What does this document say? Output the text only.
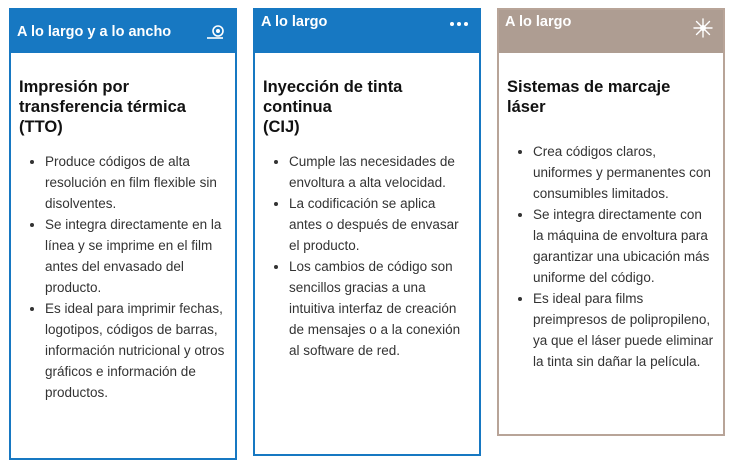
A lo largo y a lo ancho
Impresión por
transferencia térmica
(TTO)
• Produce códigos de alta resolución en film flexible sin disolventes.
• Se integra directamente en la línea y se imprime en el film antes del envasado del producto.
• Es ideal para imprimir fechas, logotipos, códigos de barras, información nutricional y otros gráficos e información de productos.
A lo largo
Inyección de tinta
continua
(CIJ)
• Cumple las necesidades de envoltura a alta velocidad.
• La codificación se aplica antes o después de envasar el producto.
• Los cambios de código son sencillos gracias a una intuitiva interfaz de creación de mensajes o a la conexión al software de red.
A lo largo
Sistemas de marcaje
láser
• Crea códigos claros, uniformes y permanentes con consumibles limitados.
• Se integra directamente con la máquina de envoltura para garantizar una ubicación más uniforme del código.
• Es ideal para films preimpresos de polipropileno, ya que el láser puede eliminar la tinta sin dañar la película.
